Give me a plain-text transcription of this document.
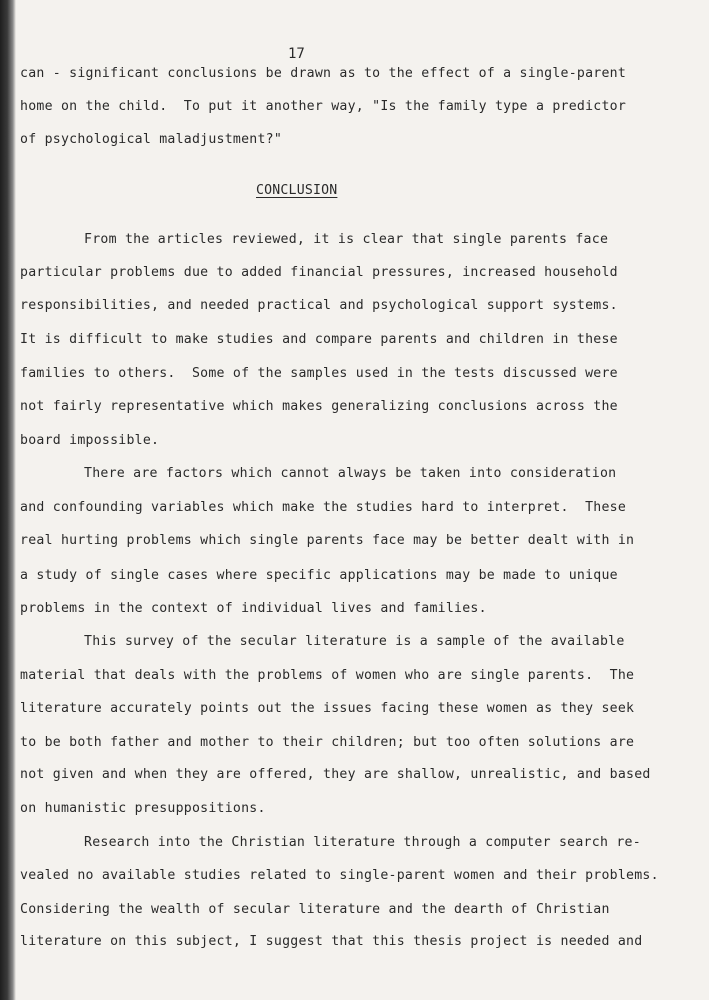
17
can - significant conclusions be drawn as to the effect of a single-parent
home on the child.  To put it another way, "Is the family type a predictor
of psychological maladjustment?"
CONCLUSION
From the articles reviewed, it is clear that single parents face
particular problems due to added financial pressures, increased household
responsibilities, and needed practical and psychological support systems.
It is difficult to make studies and compare parents and children in these
families to others.  Some of the samples used in the tests discussed were
not fairly representative which makes generalizing conclusions across the
board impossible.
There are factors which cannot always be taken into consideration
and confounding variables which make the studies hard to interpret.  These
real hurting problems which single parents face may be better dealt with in
a study of single cases where specific applications may be made to unique
problems in the context of individual lives and families.
This survey of the secular literature is a sample of the available
material that deals with the problems of women who are single parents.  The
literature accurately points out the issues facing these women as they seek
to be both father and mother to their children; but too often solutions are
not given and when they are offered, they are shallow, unrealistic, and based
on humanistic presuppositions.
Research into the Christian literature through a computer search re-
vealed no available studies related to single-parent women and their problems.
Considering the wealth of secular literature and the dearth of Christian
literature on this subject, I suggest that this thesis project is needed and
